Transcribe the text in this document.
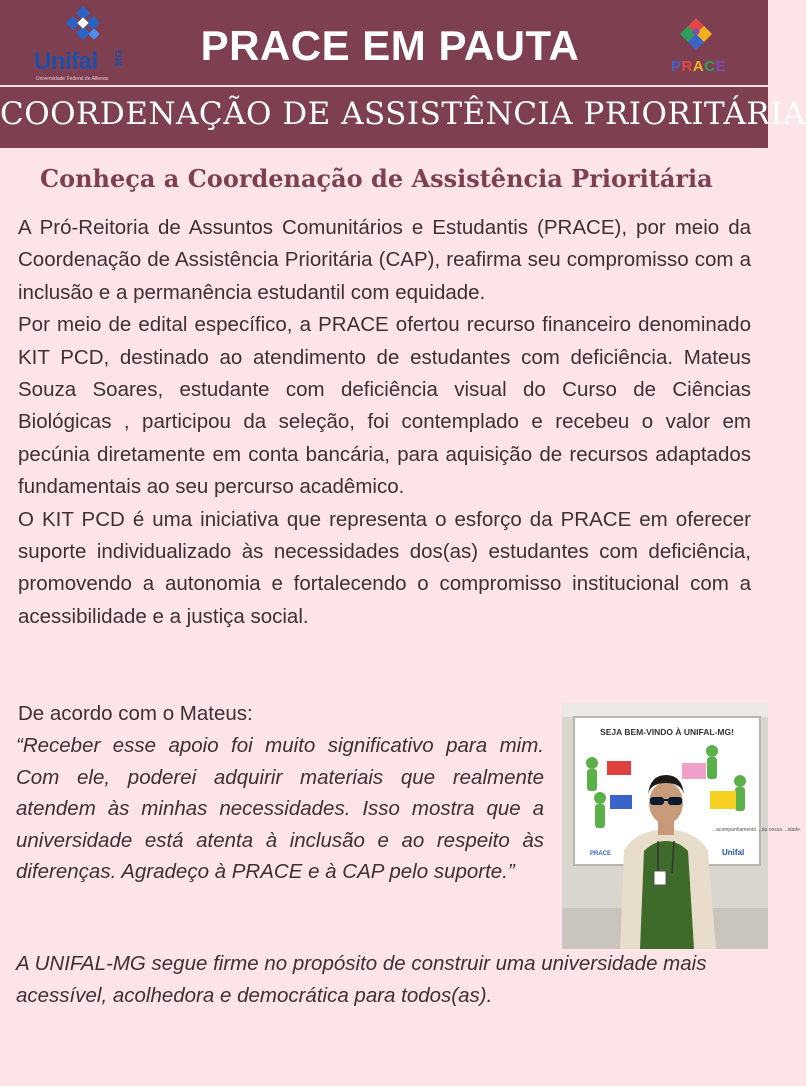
Unifal MG
Universidade Federal de Alfenas
PRACE EM PAUTA	PRACE
COORDENAÇÃO DE ASSISTÊNCIA PRIORITÁRIA
Conheça a Coordenação de Assistência Prioritária

A Pró-Reitoria de Assuntos Comunitários e Estudantis (PRACE), por meio da Coordenação de Assistência Prioritária (CAP), reafirma seu compromisso com a inclusão e a permanência estudantil com equidade.

Por meio de edital específico, a PRACE ofertou recurso financeiro denominado KIT PCD, destinado ao atendimento de estudantes com deficiência. Mateus Souza Soares, estudante com deficiência visual do Curso de Ciências Biológicas , participou da seleção, foi contemplado e recebeu o valor em pecúnia diretamente em conta bancária, para aquisição de recursos adaptados fundamentais ao seu percurso acadêmico.

O KIT PCD é uma iniciativa que representa o esforço da PRACE em oferecer suporte individualizado às necessidades dos(as) estudantes com deficiência, promovendo a autonomia e fortalecendo o compromisso institucional com a acessibilidade e a justiça social.

De acordo com o Mateus:
“Receber esse apoio foi muito significativo para mim. Com ele, poderei adquirir materiais que realmente atendem às minhas necessidades. Isso mostra que a universidade está atenta à inclusão e ao respeito às diferenças. Agradeço à PRACE e à CAP pelo suporte.”
SEJA BEM-VINDO À UNIFAL-MG!
...acompanhamento ...da nossa ...idade.
PRACE	Unifal
A UNIFAL-MG segue firme no propósito de construir uma universidade mais acessível, acolhedora e democrática para todos(as).
